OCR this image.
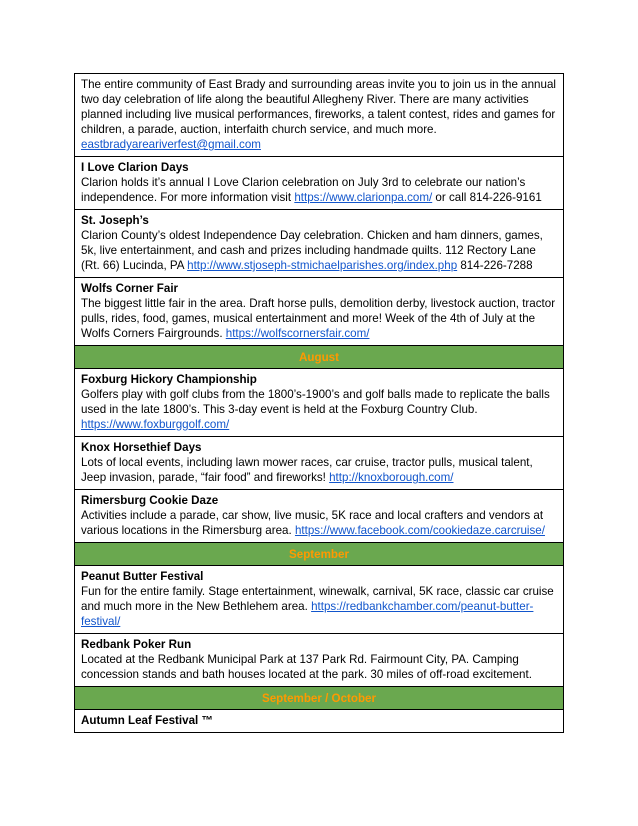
The entire community of East Brady and surrounding areas invite you to join us in the annual two day celebration of life along the beautiful Allegheny River. There are many activities planned including live musical performances, fireworks, a talent contest, rides and games for children, a parade, auction, interfaith church service, and much more. eastbradyareariverfest@gmail.com
I Love Clarion Days
Clarion holds it’s annual I Love Clarion celebration on July 3rd to celebrate our nation’s independence. For more information visit https://www.clarionpa.com/ or call 814-226-9161
St. Joseph’s
Clarion County’s oldest Independence Day celebration. Chicken and ham dinners, games, 5k, live entertainment, and cash and prizes including handmade quilts. 112 Rectory Lane (Rt. 66) Lucinda, PA http://www.stjoseph-stmichaelparishes.org/index.php 814-226-7288
Wolfs Corner Fair
The biggest little fair in the area. Draft horse pulls, demolition derby, livestock auction, tractor pulls, rides, food, games, musical entertainment and more! Week of the 4th of July at the Wolfs Corners Fairgrounds. https://wolfscornersfair.com/
August
Foxburg Hickory Championship
Golfers play with golf clubs from the 1800’s-1900’s and golf balls made to replicate the balls used in the late 1800’s. This 3-day event is held at the Foxburg Country Club. https://www.foxburggolf.com/
Knox Horsethief Days
Lots of local events, including lawn mower races, car cruise, tractor pulls, musical talent, Jeep invasion, parade, “fair food” and fireworks! http://knoxborough.com/
Rimersburg Cookie Daze
Activities include a parade, car show, live music, 5K race and local crafters and vendors at various locations in the Rimersburg area. https://www.facebook.com/cookiedaze.carcruise/
September
Peanut Butter Festival
Fun for the entire family. Stage entertainment, winewalk, carnival, 5K race, classic car cruise and much more in the New Bethlehem area. https://redbankchamber.com/peanut-butter-festival/
Redbank Poker Run
Located at the Redbank Municipal Park at 137 Park Rd. Fairmount City, PA. Camping concession stands and bath houses located at the park. 30 miles of off-road excitement.
September / October
Autumn Leaf Festival ™
